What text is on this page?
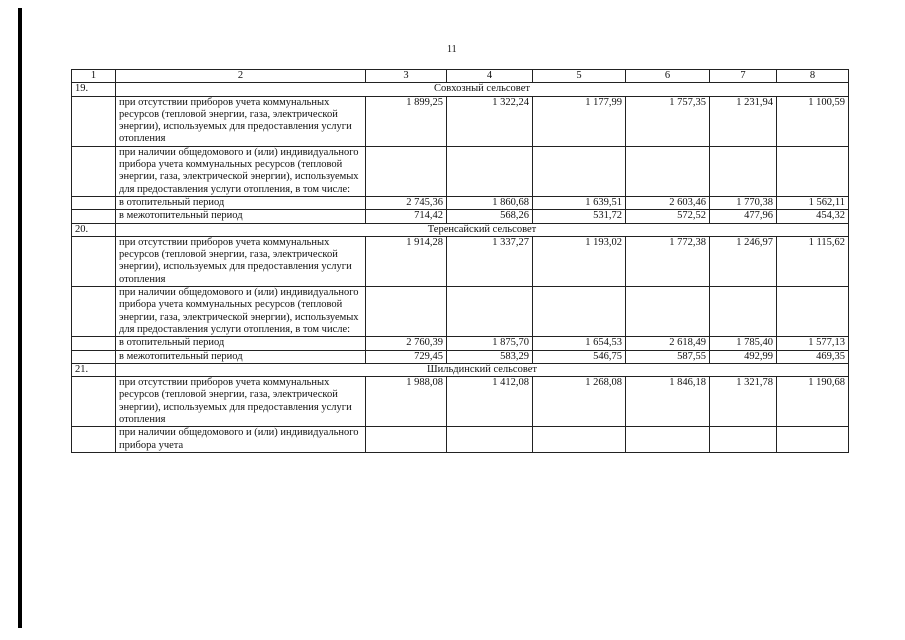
11
1	2	3	4	5	6	7	8
19.	Совхозный сельсовет						
	при отсутствии приборов учета коммунальных ресурсов (тепловой энергии, газа, электрической энергии), используемых для предоставления услуги отопления	1 899,25	1 322,24	1 177,99	1 757,35	1 231,94	1 100,59
	при наличии общедомового и (или) индивидуального прибора учета коммунальных ресурсов (тепловой энергии, газа, электрической энергии), используемых для предоставления услуги отопления, в том числе:						
	в отопительный период	2 745,36	1 860,68	1 639,51	2 603,46	1 770,38	1 562,11
	в межотопительный период	714,42	568,26	531,72	572,52	477,96	454,32
20.	Теренсайский сельсовет						
	при отсутствии приборов учета коммунальных ресурсов (тепловой энергии, газа, электрической энергии), используемых для предоставления услуги отопления	1 914,28	1 337,27	1 193,02	1 772,38	1 246,97	1 115,62
	при наличии общедомового и (или) индивидуального прибора учета коммунальных ресурсов (тепловой энергии, газа, электрической энергии), используемых для предоставления услуги отопления, в том числе:						
	в отопительный период	2 760,39	1 875,70	1 654,53	2 618,49	1 785,40	1 577,13
	в межотопительный период	729,45	583,29	546,75	587,55	492,99	469,35
21.	Шильдинский сельсовет						
	при отсутствии приборов учета коммунальных ресурсов (тепловой энергии, газа, электрической энергии), используемых для предоставления услуги отопления	1 988,08	1 412,08	1 268,08	1 846,18	1 321,78	1 190,68
	при наличии общедомового и (или) индивидуального прибора учета						
